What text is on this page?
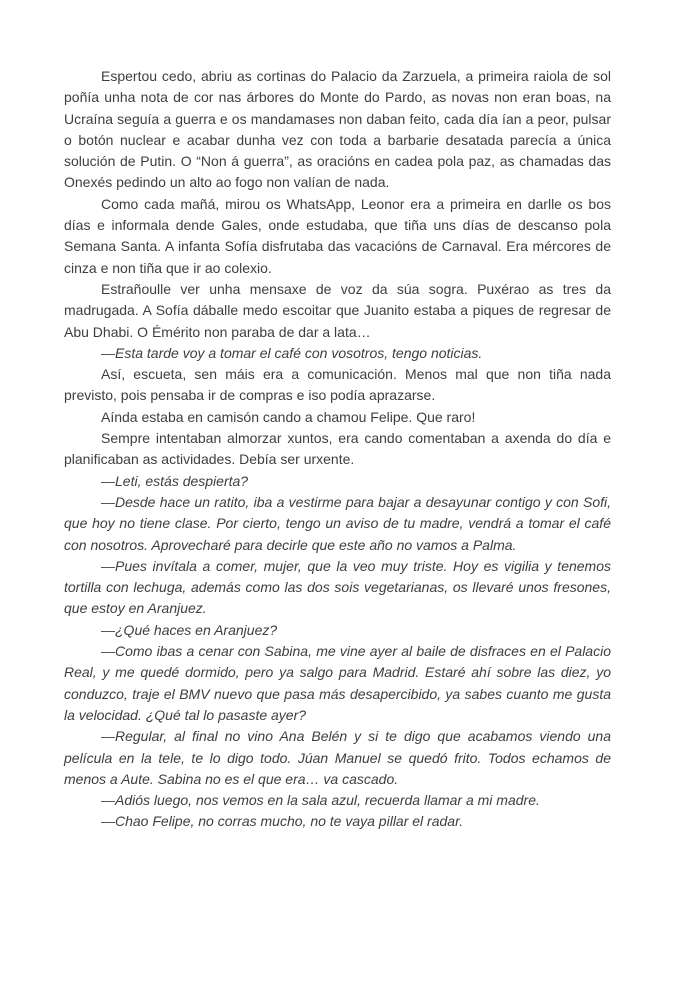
Espertou cedo, abriu as cortinas do Palacio da Zarzuela, a primeira raiola de sol poñía unha nota de cor nas árbores do Monte do Pardo, as novas non eran boas, na Ucraína seguía a guerra e os mandamases non daban feito, cada día ían a peor, pulsar o botón nuclear e acabar dunha vez con toda a barbarie desatada parecía a única solución de Putin. O “Non á guerra”, as oracións en cadea pola paz, as chamadas das Onexés pedindo un alto ao fogo non valían de nada.

Como cada mañá, mirou os WhatsApp, Leonor era a primeira en darlle os bos días e informala dende Gales, onde estudaba, que tiña uns días de descanso pola Semana Santa. A infanta Sofía disfrutaba das vacacións de Carnaval. Era mércores de cinza e non tiña que ir ao colexio.

Estrañoulle ver unha mensaxe de voz da súa sogra. Puxérao as tres da madrugada. A Sofía dáballe medo escoitar que Juanito estaba a piques de regresar de Abu Dhabi. O Émérito non paraba de dar a lata…

—Esta tarde voy a tomar el café con vosotros, tengo noticias.

Así, escueta, sen máis era a comunicación. Menos mal que non tiña nada previsto, pois pensaba ir de compras e iso podía aprazarse.

Aínda estaba en camisón cando a chamou Felipe. Que raro!

Sempre intentaban almorzar xuntos, era cando comentaban a axenda do día e planificaban as actividades. Debía ser urxente.

—Leti, estás despierta?

—Desde hace un ratito, iba a vestirme para bajar a desayunar contigo y con Sofi, que hoy no tiene clase. Por cierto, tengo un aviso de tu madre, vendrá a tomar el café con nosotros. Aprovecharé para decirle que este año no vamos a Palma.

—Pues invítala a comer, mujer, que la veo muy triste. Hoy es vigilia y tenemos tortilla con lechuga, además como las dos sois vegetarianas, os llevaré unos fresones, que estoy en Aranjuez.

—¿Qué haces en Aranjuez?

—Como ibas a cenar con Sabina, me vine ayer al baile de disfraces en el Palacio Real, y me quedé dormido, pero ya salgo para Madrid. Estaré ahí sobre las diez, yo conduzco, traje el BMV nuevo que pasa más desapercibido, ya sabes cuanto me gusta la velocidad. ¿Qué tal lo pasaste ayer?

—Regular, al final no vino Ana Belén y si te digo que acabamos viendo una película en la tele, te lo digo todo. Júan Manuel se quedó frito. Todos echamos de menos a Aute. Sabina no es el que era… va cascado.

—Adiós luego, nos vemos en la sala azul, recuerda llamar a mi madre.

—Chao Felipe, no corras mucho, no te vaya pillar el radar.
